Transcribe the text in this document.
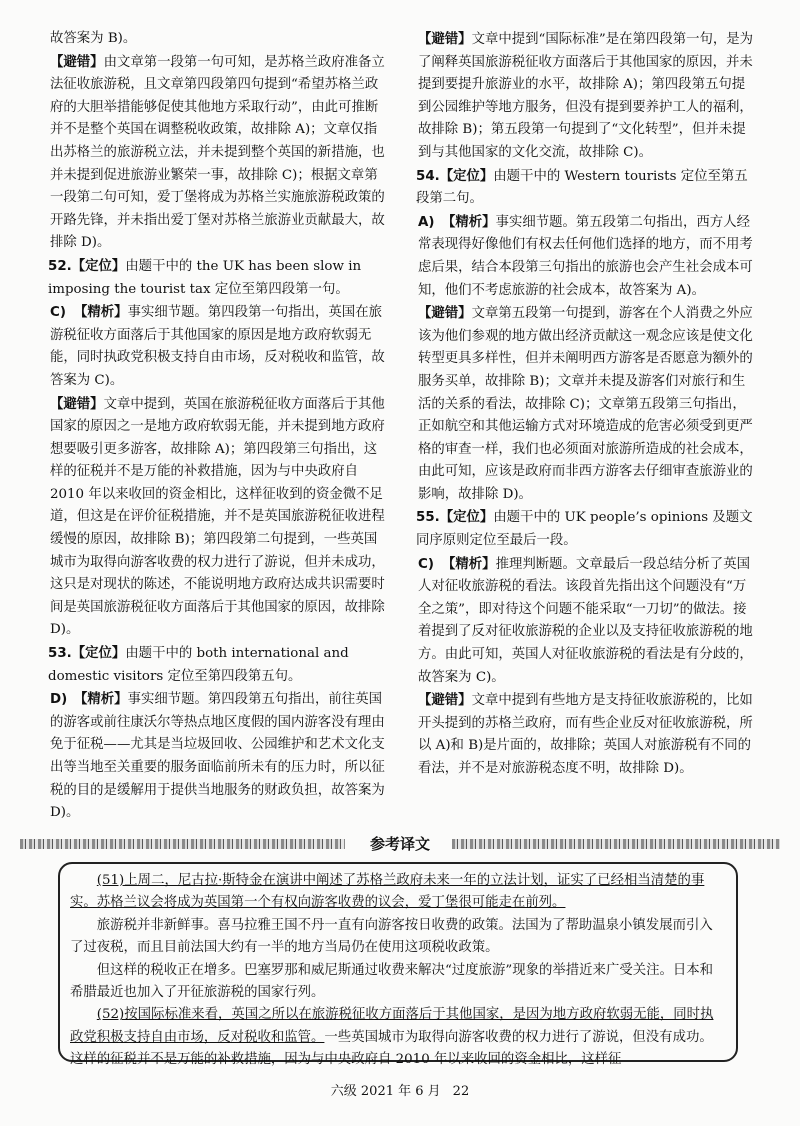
故答案为 B)。

【避错】由文章第一段第一句可知，是苏格兰政府准备立法征收旅游税，且文章第四段第四句提到“希望苏格兰政府的大胆举措能够促使其他地方采取行动”，由此可推断并不是整个英国在调整税收政策，故排除 A)；文章仅指出苏格兰的旅游税立法，并未提到整个英国的新措施，也并未提到促进旅游业繁荣一事，故排除 C)；根据文章第一段第二句可知，爱丁堡将成为苏格兰实施旅游税政策的开路先锋，并未指出爱丁堡对苏格兰旅游业贡献最大，故排除 D)。

52.【定位】由题干中的 the UK has been slow in imposing the tourist tax 定位至第四段第一句。

C) 【精析】事实细节题。第四段第一句指出，英国在旅游税征收方面落后于其他国家的原因是地方政府软弱无能，同时执政党积极支持自由市场，反对税收和监管，故答案为 C)。

【避错】文章中提到，英国在旅游税征收方面落后于其他国家的原因之一是地方政府软弱无能，并未提到地方政府想要吸引更多游客，故排除 A)；第四段第三句指出，这样的征税并不是万能的补救措施，因为与中央政府自 2010 年以来收回的资金相比，这样征收到的资金微不足道，但这是在评价征税措施，并不是英国旅游税征收进程缓慢的原因，故排除 B)；第四段第二句提到，一些英国城市为取得向游客收费的权力进行了游说，但并未成功，这只是对现状的陈述，不能说明地方政府达成共识需要时间是英国旅游税征收方面落后于其他国家的原因，故排除 D)。

53.【定位】由题干中的 both international and domestic visitors 定位至第四段第五句。

D) 【精析】事实细节题。第四段第五句指出，前往英国的游客或前往康沃尔等热点地区度假的国内游客没有理由免于征税——尤其是当垃圾回收、公园维护和艺术文化支出等当地至关重要的服务面临前所未有的压力时，所以征税的目的是缓解用于提供当地服务的财政负担，故答案为 D)。

【避错】文章中提到“国际标准”是在第四段第一句，是为了阐释英国旅游税征收方面落后于其他国家的原因，并未提到要提升旅游业的水平，故排除 A)；第四段第五句提到公园维护等地方服务，但没有提到要养护工人的福利，故排除 B)；第五段第一句提到了“文化转型”，但并未提到与其他国家的文化交流，故排除 C)。

54.【定位】由题干中的 Western tourists 定位至第五段第二句。

A) 【精析】事实细节题。第五段第二句指出，西方人经常表现得好像他们有权去任何他们选择的地方，而不用考虑后果，结合本段第三句指出的旅游也会产生社会成本可知，他们不考虑旅游的社会成本，故答案为 A)。

【避错】文章第五段第一句提到，游客在个人消费之外应该为他们参观的地方做出经济贡献这一观念应该是使文化转型更具多样性，但并未阐明西方游客是否愿意为额外的服务买单，故排除 B)；文章并未提及游客们对旅行和生活的关系的看法，故排除 C)；文章第五段第三句指出，正如航空和其他运输方式对环境造成的危害必须受到更严格的审查一样，我们也必须面对旅游所造成的社会成本，由此可知，应该是政府而非西方游客去仔细审查旅游业的影响，故排除 D)。

55.【定位】由题干中的 UK people’s opinions 及题文同序原则定位至最后一段。

C) 【精析】推理判断题。文章最后一段总结分析了英国人对征收旅游税的看法。该段首先指出这个问题没有“万全之策”，即对待这个问题不能采取“一刀切”的做法。接着提到了反对征收旅游税的企业以及支持征收旅游税的地方。由此可知，英国人对征收旅游税的看法是有分歧的，故答案为 C)。

【避错】文章中提到有些地方是支持征收旅游税的，比如开头提到的苏格兰政府，而有些企业反对征收旅游税，所以 A)和 B)是片面的，故排除；英国人对旅游税有不同的看法，并不是对旅游税态度不明，故排除 D)。

参考译文

(51)上周二，尼古拉·斯特金在演讲中阐述了苏格兰政府未来一年的立法计划，证实了已经相当清楚的事实。苏格兰议会将成为英国第一个有权向游客收费的议会，爱丁堡很可能走在前列。

旅游税并非新鲜事。喜马拉雅王国不丹一直有向游客按日收费的政策。法国为了帮助温泉小镇发展而引入了过夜税，而且目前法国大约有一半的地方当局仍在使用这项税收政策。

但这样的税收正在增多。巴塞罗那和威尼斯通过收费来解决“过度旅游”现象的举措近来广受关注。日本和希腊最近也加入了开征旅游税的国家行列。

(52)按国际标准来看，英国之所以在旅游税征收方面落后于其他国家，是因为地方政府软弱无能，同时执政党积极支持自由市场，反对税收和监管。一些英国城市为取得向游客收费的权力进行了游说，但没有成功。这样的征税并不是万能的补救措施，因为与中央政府自 2010 年以来收回的资金相比，这样征

六级 2021 年 6 月 22
